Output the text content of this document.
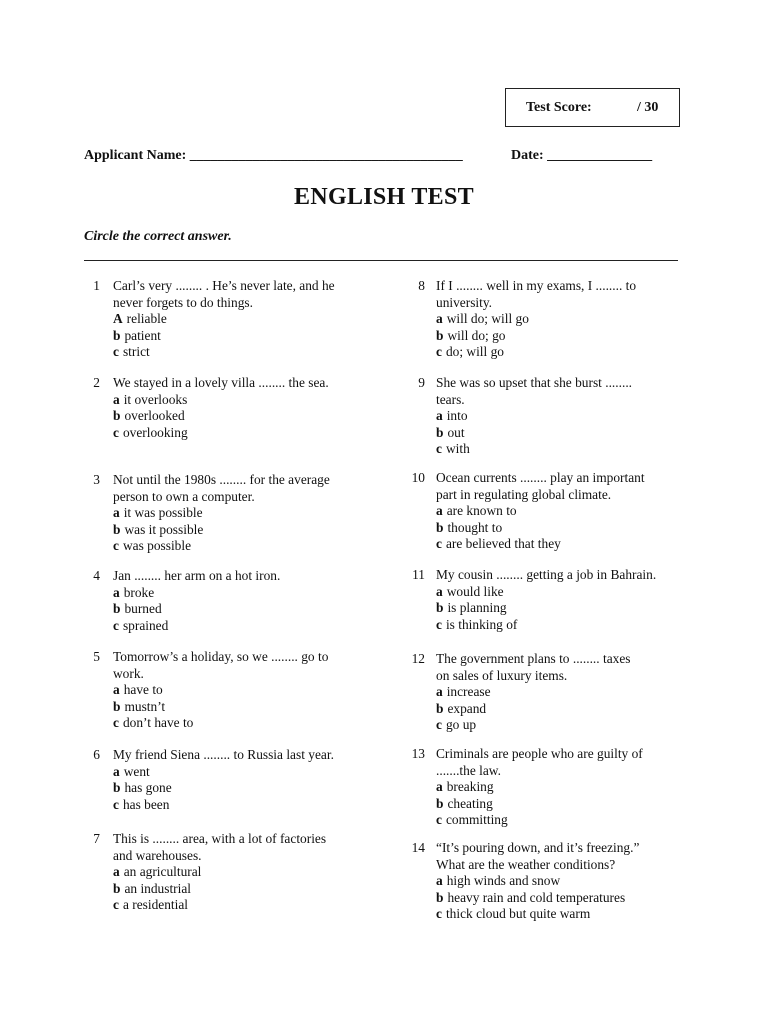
Test Score:	/ 30
Applicant Name: _______________________________________	Date: _______________
ENGLISH TEST
Circle the correct answer.
1 Carl’s very ........ . He’s never late, and he
never forgets to do things.
A reliable
b patient
c strict
2 We stayed in a lovely villa ........ the sea.
a it overlooks
b overlooked
c overlooking
3 Not until the 1980s ........ for the average
person to own a computer.
a it was possible
b was it possible
c was possible
4 Jan ........ her arm on a hot iron.
a broke
b burned
c sprained
5 Tomorrow’s a holiday, so we ........ go to
work.
a have to
b mustn’t
c don’t have to
6 My friend Siena ........ to Russia last year.
a went
b has gone
c has been
7 This is ........ area, with a lot of factories
and warehouses.
a an agricultural
b an industrial
c a residential
8 If I ........ well in my exams, I ........ to
university.
a will do; will go
b will do; go
c do; will go
9 She was so upset that she burst ........
tears.
a into
b out
c with
10 Ocean currents ........ play an important
part in regulating global climate.
a are known to
b thought to
c are believed that they
11 My cousin ........ getting a job in Bahrain.
a would like
b is planning
c is thinking of
12 The government plans to ........ taxes
on sales of luxury items.
a increase
b expand
c go up
13 Criminals are people who are guilty of
.......the law.
a breaking
b cheating
c committing
14 “It’s pouring down, and it’s freezing.”
What are the weather conditions?
a high winds and snow
b heavy rain and cold temperatures
c thick cloud but quite warm
